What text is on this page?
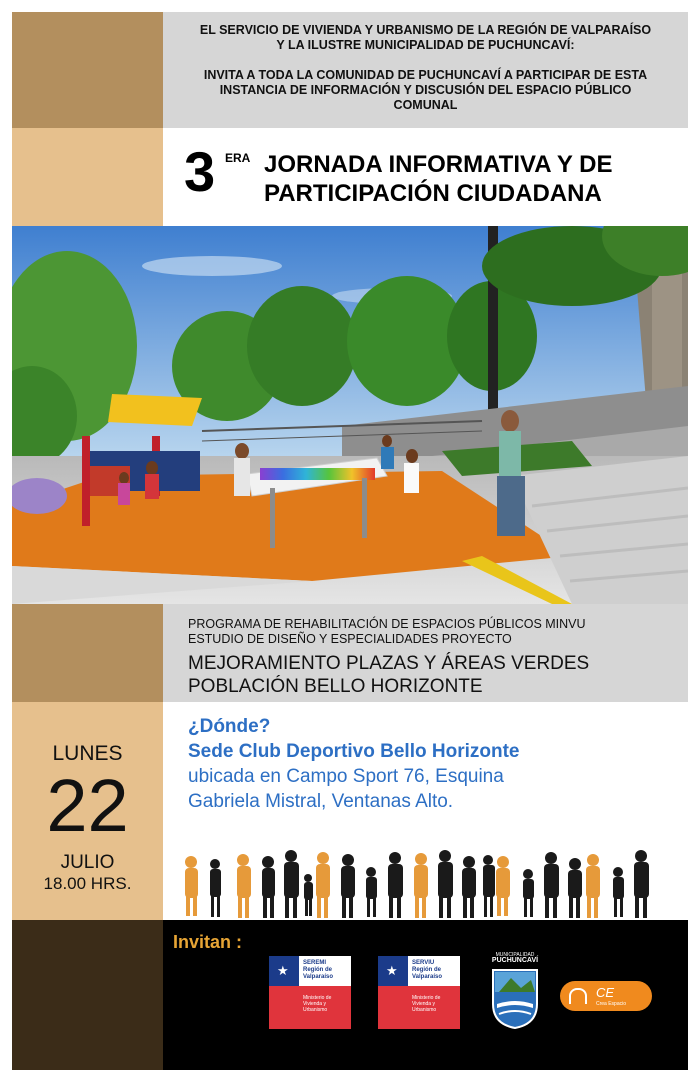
EL SERVICIO DE VIVIENDA Y URBANISMO DE LA REGIÓN DE VALPARAÍSO

Y LA ILUSTRE MUNICIPALIDAD DE PUCHUNCAVÍ:

INVITA A TODA LA COMUNIDAD DE PUCHUNCAVÍ A PARTICIPAR DE ESTA

INSTANCIA DE INFORMACIÓN Y DISCUSIÓN DEL ESPACIO PÚBLICO

COMUNAL

3 ERA JORNADA INFORMATIVA Y DE
PARTICIPACIÓN CIUDADANA
PROGRAMA DE REHABILITACIÓN DE ESPACIOS PÚBLICOS MINVU
ESTUDIO DE DISEÑO Y ESPECIALIDADES PROYECTO
MEJORAMIENTO PLAZAS Y ÁREAS VERDES
POBLACIÓN BELLO HORIZONTE
LUNES
22
JULIO
18.00 HRS.
¿Dónde?
Sede Club Deportivo Bello Horizonte
ubicada en Campo Sport 76, Esquina
Gabriela Mistral, Ventanas Alto.
Invitan :
★ SEREMI
Región de Valparaíso
Ministerio de Vivienda y Urbanismo
★ SERVIU
Región de Valparaíso
Ministerio de Vivienda y Urbanismo
MUNICIPALIDAD
PUCHUNCAVÍ
CE
Crea Espacio
